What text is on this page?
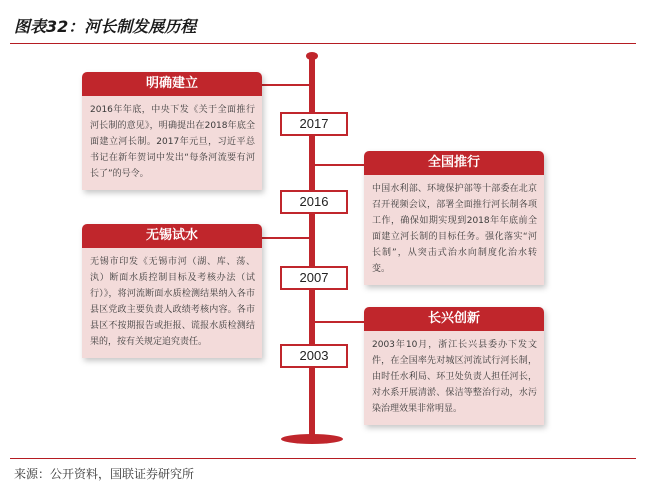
图表32：河长制发展历程
2017
2016
2007
2003
明确建立
2016年年底，中央下发《关于全面推行河长制的意见》，明确提出在2018年底全面建立河长制。2017年元旦，习近平总书记在新年贺词中发出“每条河流要有河长了”的号令。
全国推行
中国水利部、环境保护部等十部委在北京召开视频会议，部署全面推行河长制各项工作，确保如期实现到2018年年底前全面建立河长制的目标任务。强化落实“河长制”，从突击式治水向制度化治水转变。
无锡试水
无锡市印发《无锡市河（湖、库、荡、汍）断面水质控制目标及考核办法（试行）》，将河流断面水质检测结果纳入各市县区党政主要负责人政绩考核内容。各市县区不按期报告或拒报、谎报水质检测结果的，按有关规定追究责任。
长兴创新
2003年10月，浙江长兴县委办下发文件，在全国率先对城区河流试行河长制，由时任水利局、环卫处负责人担任河长，对水系开展清淤、保洁等整治行动，水污染治理效果非常明显。
来源：公开资料，国联证券研究所
